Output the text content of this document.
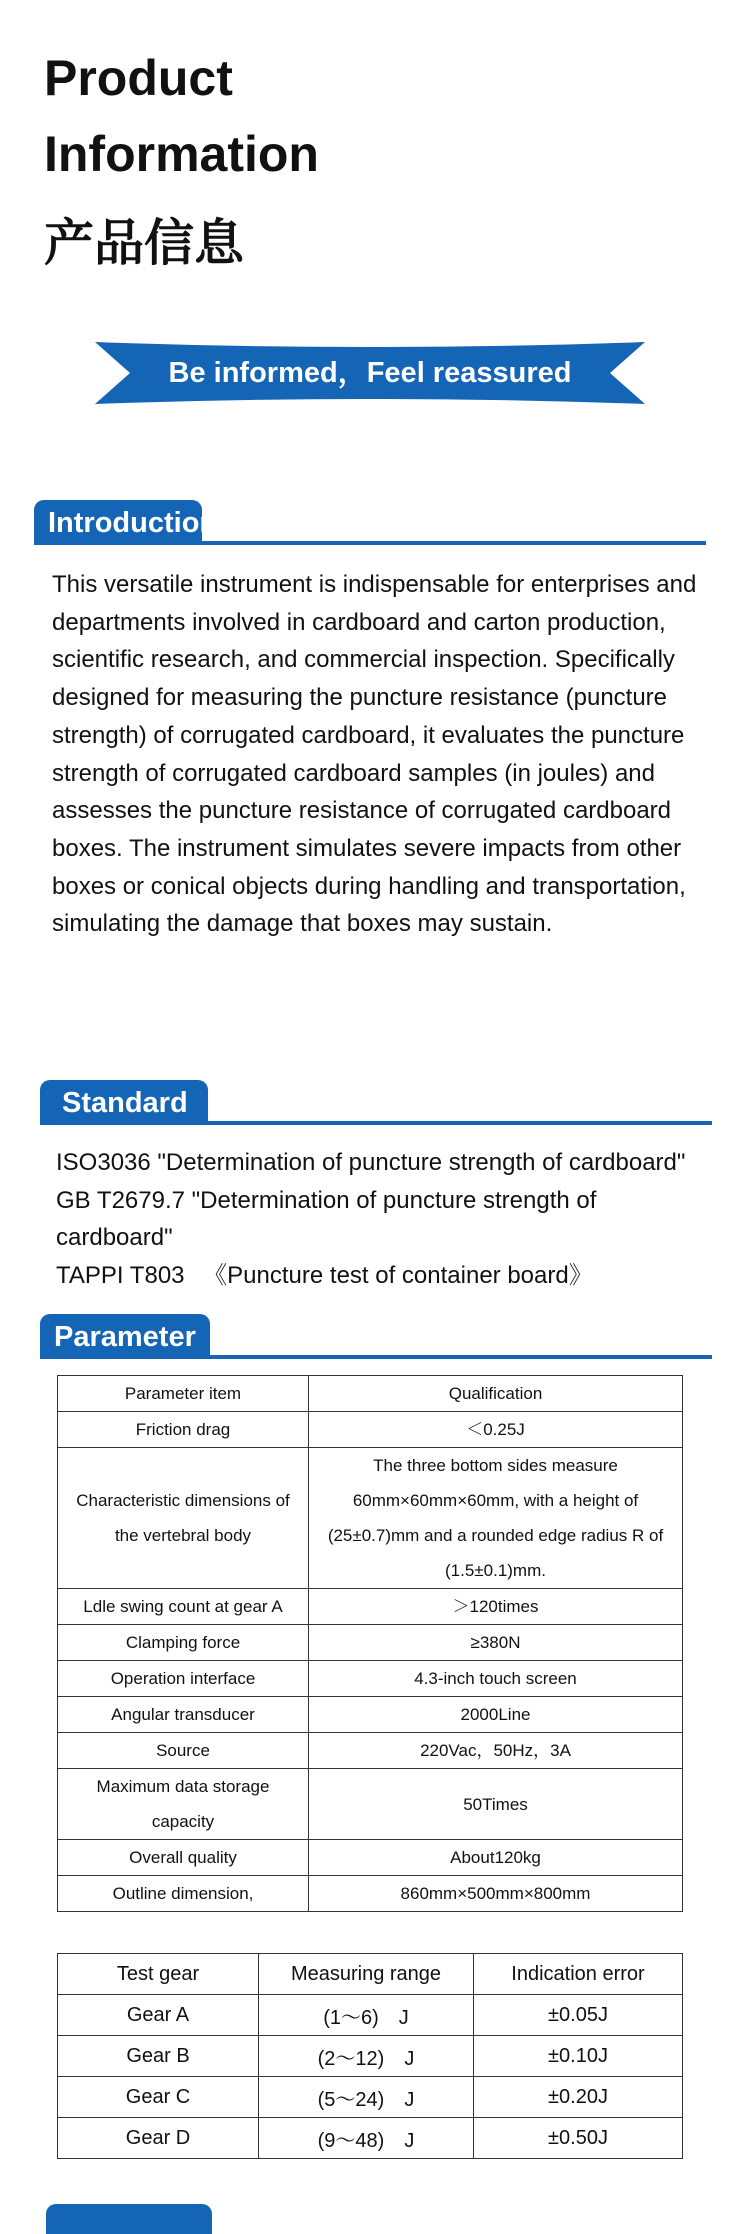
Product Information
产品信息
Be informed，Feel reassured
Introduction

This versatile instrument is indispensable for enterprises and departments involved in cardboard and carton production, scientific research, and commercial inspection. Specifically designed for measuring the puncture resistance (puncture strength) of corrugated cardboard, it evaluates the puncture strength of corrugated cardboard samples (in joules) and assesses the puncture resistance of corrugated cardboard boxes. The instrument simulates severe impacts from other boxes or conical objects during handling and transportation, simulating the damage that boxes may sustain.

Standard
ISO3036 "Determination of puncture strength of cardboard"
GB T2679.7 "Determination of puncture strength of cardboard"
TAPPI T803 　《Puncture test of container board》
Parameter
Parameter item	Qualification
Friction drag	＜0.25J
Characteristic dimensions of the vertebral body	The three bottom sides measure 60mm×60mm×60mm, with a height of (25±0.7)mm and a rounded edge radius R of (1.5±0.1)mm.
Ldle swing count at gear A	＞120times
Clamping force	≥380N
Operation interface	4.3-inch touch screen
Angular transducer	2000Line
Source	220Vac，50Hz，3A
Maximum data storage capacity	50Times
Overall quality	About120kg
Outline dimension,	860mm×500mm×800mm
Test gear	Measuring range	Indication error
Gear A	(1～6)　J	±0.05J
Gear B	(2～12)　J	±0.10J
Gear C	(5～24)　J	±0.20J
Gear D	(9～48)　J	±0.50J
